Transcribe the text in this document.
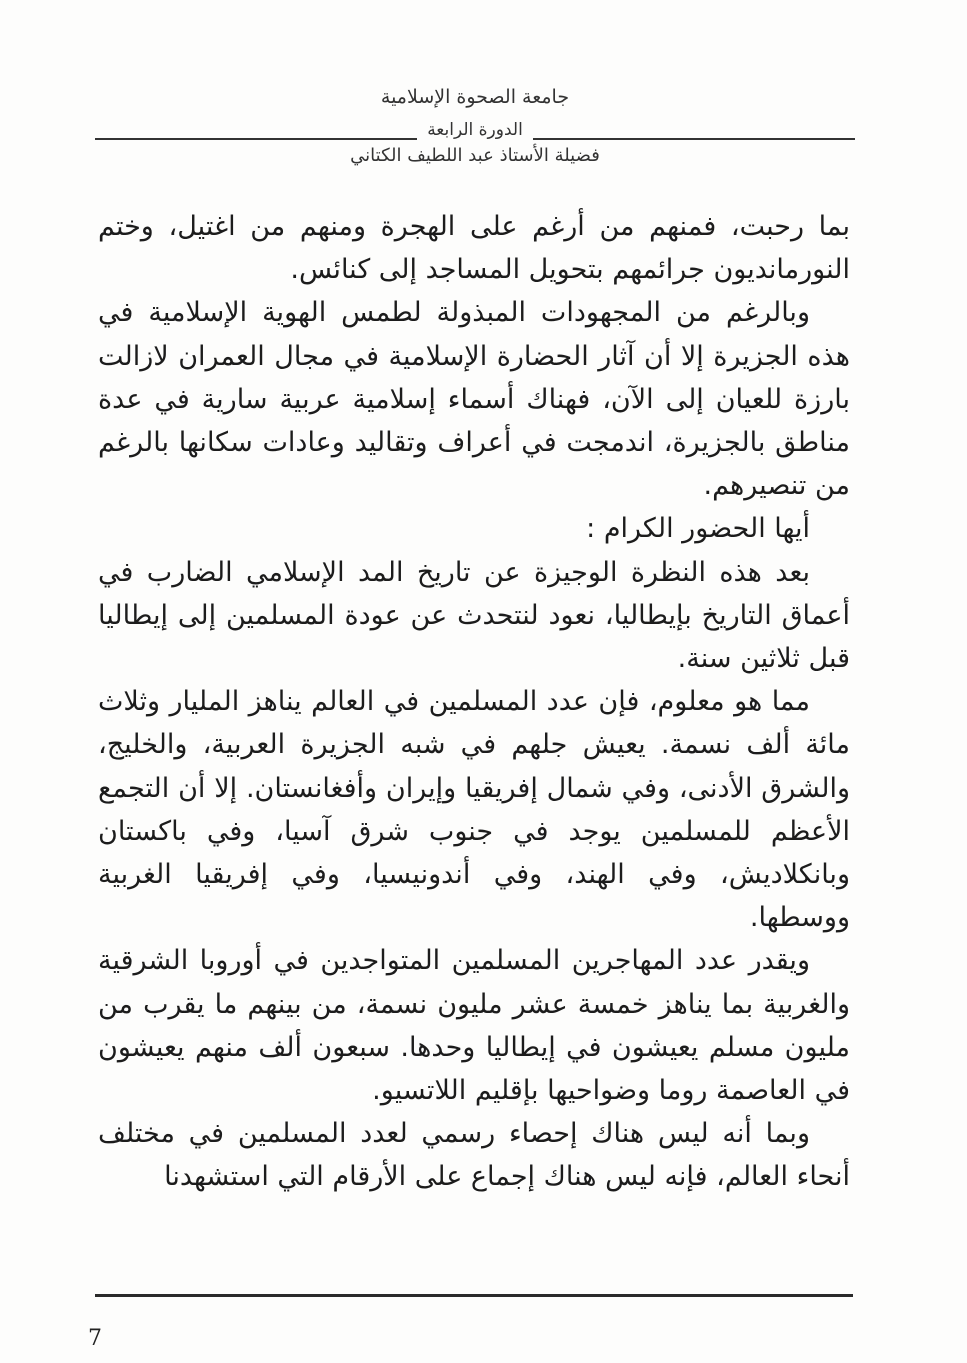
جامعة الصحوة الإسلامية
الدورة الرابعة
فضيلة الأستاذ عبد اللطيف الكتاني

بما رحبت، فمنهم من أرغم على الهجرة ومنهم من اغتيل، وختم النورمانديون جرائمهم بتحويل المساجد إلى كنائس.

وبالرغم من المجهودات المبذولة لطمس الهوية الإسلامية في هذه الجزيرة إلا أن آثار الحضارة الإسلامية في مجال العمران لازالت بارزة للعيان إلى الآن، فهناك أسماء إسلامية عربية سارية في عدة مناطق بالجزيرة، اندمجت في أعراف وتقاليد وعادات سكانها بالرغم من تنصيرهم.

أيها الحضور الكرام :

بعد هذه النظرة الوجيزة عن تاريخ المد الإسلامي الضارب في أعماق التاريخ بإيطاليا، نعود لنتحدث عن عودة المسلمين إلى إيطاليا قبل ثلاثين سنة.

مما هو معلوم، فإن عدد المسلمين في العالم يناهز المليار وثلاث مائة ألف نسمة. يعيش جلهم في شبه الجزيرة العربية، والخليج، والشرق الأدنى، وفي شمال إفريقيا وإيران وأفغانستان. إلا أن التجمع الأعظم للمسلمين يوجد في جنوب شرق آسيا، وفي باكستان وبانكلاديش، وفي الهند، وفي أندونيسيا، وفي إفريقيا الغربية ووسطها.

ويقدر عدد المهاجرين المسلمين المتواجدين في أوروبا الشرقية والغربية بما يناهز خمسة عشر مليون نسمة، من بينهم ما يقرب من مليون مسلم يعيشون في إيطاليا وحدها. سبعون ألف منهم يعيشون في العاصمة روما وضواحيها بإقليم اللاتسيو.

وبما أنه ليس هناك إحصاء رسمي لعدد المسلمين في مختلف أنحاء العالم، فإنه ليس هناك إجماع على الأرقام التي استشهدنا

7
